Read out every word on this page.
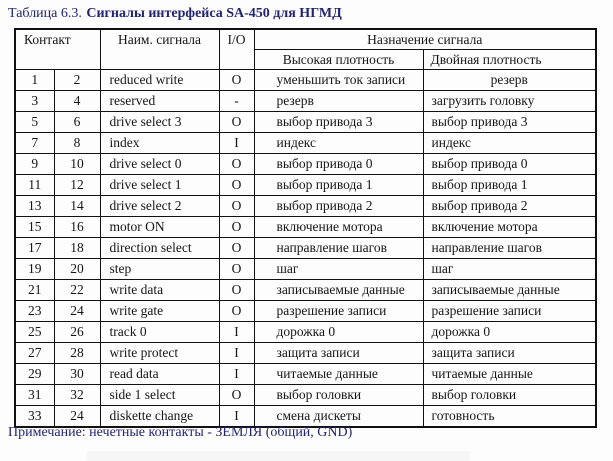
Таблица 6.3. Сигналы интерфейса SA-450 для НГМД
Контакт		Наим. сигнала	I/O	Назначение сигнала	
				Высокая плотность	Двойная плотность
1	2	reduced write	O	уменьшить ток записи	резерв
3	4	reserved	-	резерв	загрузить головку
5	6	drive select 3	O	выбор привода 3	выбор привода 3
7	8	index	I	индекс	индекс
9	10	drive select 0	O	выбор привода 0	выбор привода 0
11	12	drive select 1	O	выбор привода 1	выбор привода 1
13	14	drive select 2	O	выбор привода 2	выбор привода 2
15	16	motor ON	O	включение мотора	включение мотора
17	18	direction select	O	направление шагов	направление шагов
19	20	step	O	шаг	шаг
21	22	write data	O	записываемые данные	записываемые данные
23	24	write gate	O	разрешение записи	разрешение записи
25	26	track 0	I	дорожка 0	дорожка 0
27	28	write protect	I	защита записи	защита записи
29	30	read data	I	читаемые данные	читаемые данные
31	32	side 1 select	O	выбор головки	выбор головки
33	24	diskette change	I	смена дискеты	готовность
Примечание: нечетные контакты - ЗЕМЛЯ (общий, GND)
